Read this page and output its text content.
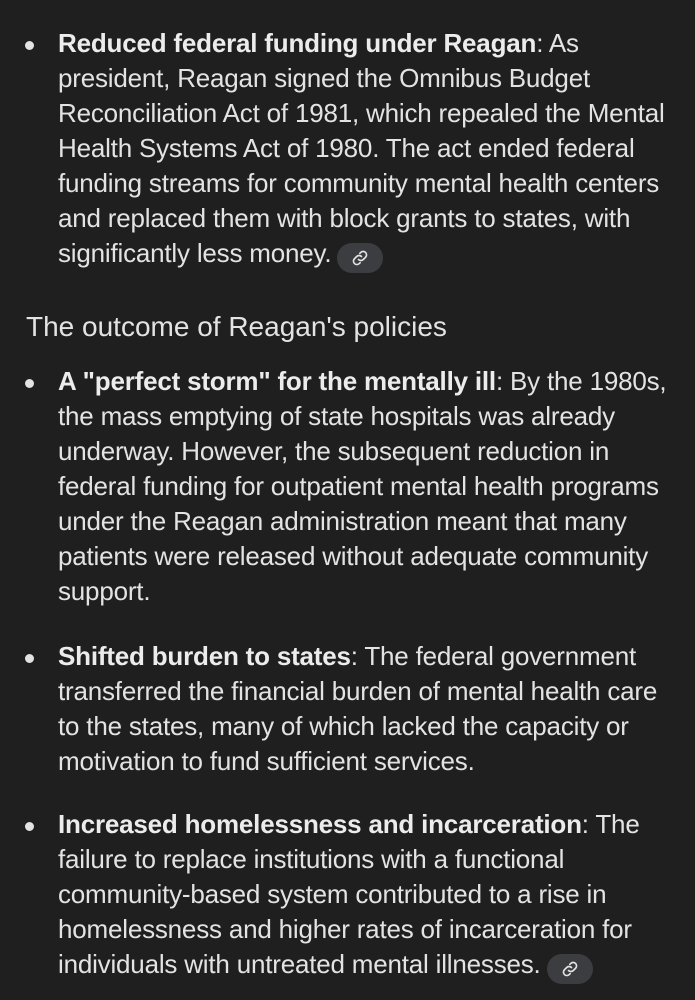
Reduced federal funding under Reagan: As president, Reagan signed the Omnibus Budget Reconciliation Act of 1981, which repealed the Mental Health Systems Act of 1980. The act ended federal funding streams for community mental health centers and replaced them with block grants to states, with significantly less money.
The outcome of Reagan's policies
A "perfect storm" for the mentally ill: By the 1980s, the mass emptying of state hospitals was already underway. However, the subsequent reduction in federal funding for outpatient mental health programs under the Reagan administration meant that many patients were released without adequate community support.
Shifted burden to states: The federal government transferred the financial burden of mental health care to the states, many of which lacked the capacity or motivation to fund sufficient services.
Increased homelessness and incarceration: The failure to replace institutions with a functional community-based system contributed to a rise in homelessness and higher rates of incarceration for individuals with untreated mental illnesses.
